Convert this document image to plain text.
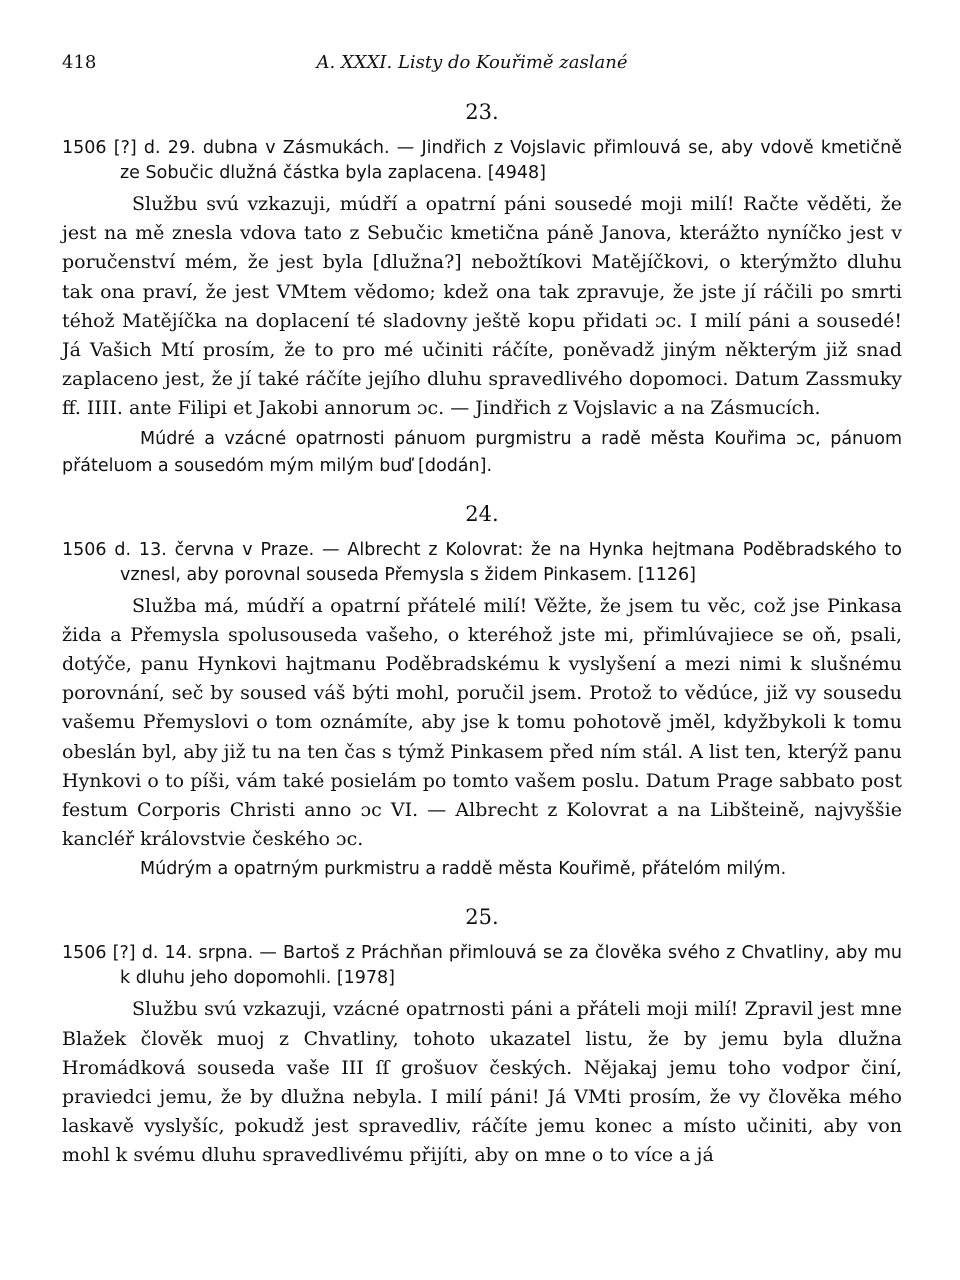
418	A. XXXI. Listy do Kouřimě zaslané
23.

1506 [?] d. 29. dubna v Zásmukách. — Jindřich z Vojslavic přimlouvá se, aby vdově kmetičně ze Sobučic dlužná částka byla zaplacena. [4948]

Službu svú vzkazuji, múdří a opatrní páni sousedé moji milí! Račte věděti, že jest na mě znesla vdova tato z Sebučic kmetična páně Janova, kterážto nyníčko jest v poručenství mém, že jest byla [dlužna?] nebožtíkovi Matějíčkovi, o kterýmžto dluhu tak ona praví, že jest VMtem vědomo; kdež ona tak zpravuje, že jste jí ráčili po smrti téhož Matějíčka na doplacení té sladovny ještě kopu přidati ɔc. I milí páni a sousedé! Já Vašich Mtí prosím, že to pro mé učiniti ráčíte, poněvadž jiným některým již snad zaplaceno jest, že jí také ráčíte jejího dluhu spravedlivého dopomoci. Datum Zassmuky ff. IIII. ante Filipi et Jakobi annorum ɔc. — Jindřich z Vojslavic a na Zásmucích.

Múdré a vzácné opatrnosti pánuom purgmistru a radě města Kouřima ɔc, pánuom přáteluom a sousedóm mým milým buď [dodán].

24.

1506 d. 13. června v Praze. — Albrecht z Kolovrat: že na Hynka hejtmana Poděbradského to vznesl, aby porovnal souseda Přemysla s židem Pinkasem. [1126]

Služba má, múdří a opatrní přátelé milí! Věžte, že jsem tu věc, což jse Pinkasa žida a Přemysla spolusouseda vašeho, o kteréhož jste mi, přimlúvajiece se oň, psali, dotýče, panu Hynkovi hajtmanu Poděbradskému k vyslyšení a mezi nimi k slušnému porovnání, seč by soused váš býti mohl, poručil jsem. Protož to vědúce, již vy sousedu vašemu Přemyslovi o tom oznámíte, aby jse k tomu pohotově jměl, kdyžbykoli k tomu obeslán byl, aby již tu na ten čas s týmž Pinkasem před ním stál. A list ten, kterýž panu Hynkovi o to píši, vám také posielám po tomto vašem poslu. Datum Prage sabbato post festum Corporis Christi anno ɔc VI. — Albrecht z Kolovrat a na Libšteině, najvyššie kancléř královstvie českého ɔc.

Múdrým a opatrným purkmistru a raddě města Kouřimě, přátelóm milým.

25.

1506 [?] d. 14. srpna. — Bartoš z Práchňan přimlouvá se za člověka svého z Chvatliny, aby mu k dluhu jeho dopomohli. [1978]

Službu svú vzkazuji, vzácné opatrnosti páni a přáteli moji milí! Zpravil jest mne Blažek člověk muoj z Chvatliny, tohoto ukazatel listu, že by jemu byla dlužna Hromádková souseda vaše III ſſ grošuov českých. Nějakaj jemu toho vodpor činí, praviedci jemu, že by dlužna nebyla. I milí páni! Já VMti prosím, že vy člověka mého laskavě vyslyšíc, pokudž jest spravedliv, ráčíte jemu konec a místo učiniti, aby von mohl k svému dluhu spravedlivému přijíti, aby on mne o to více a já
